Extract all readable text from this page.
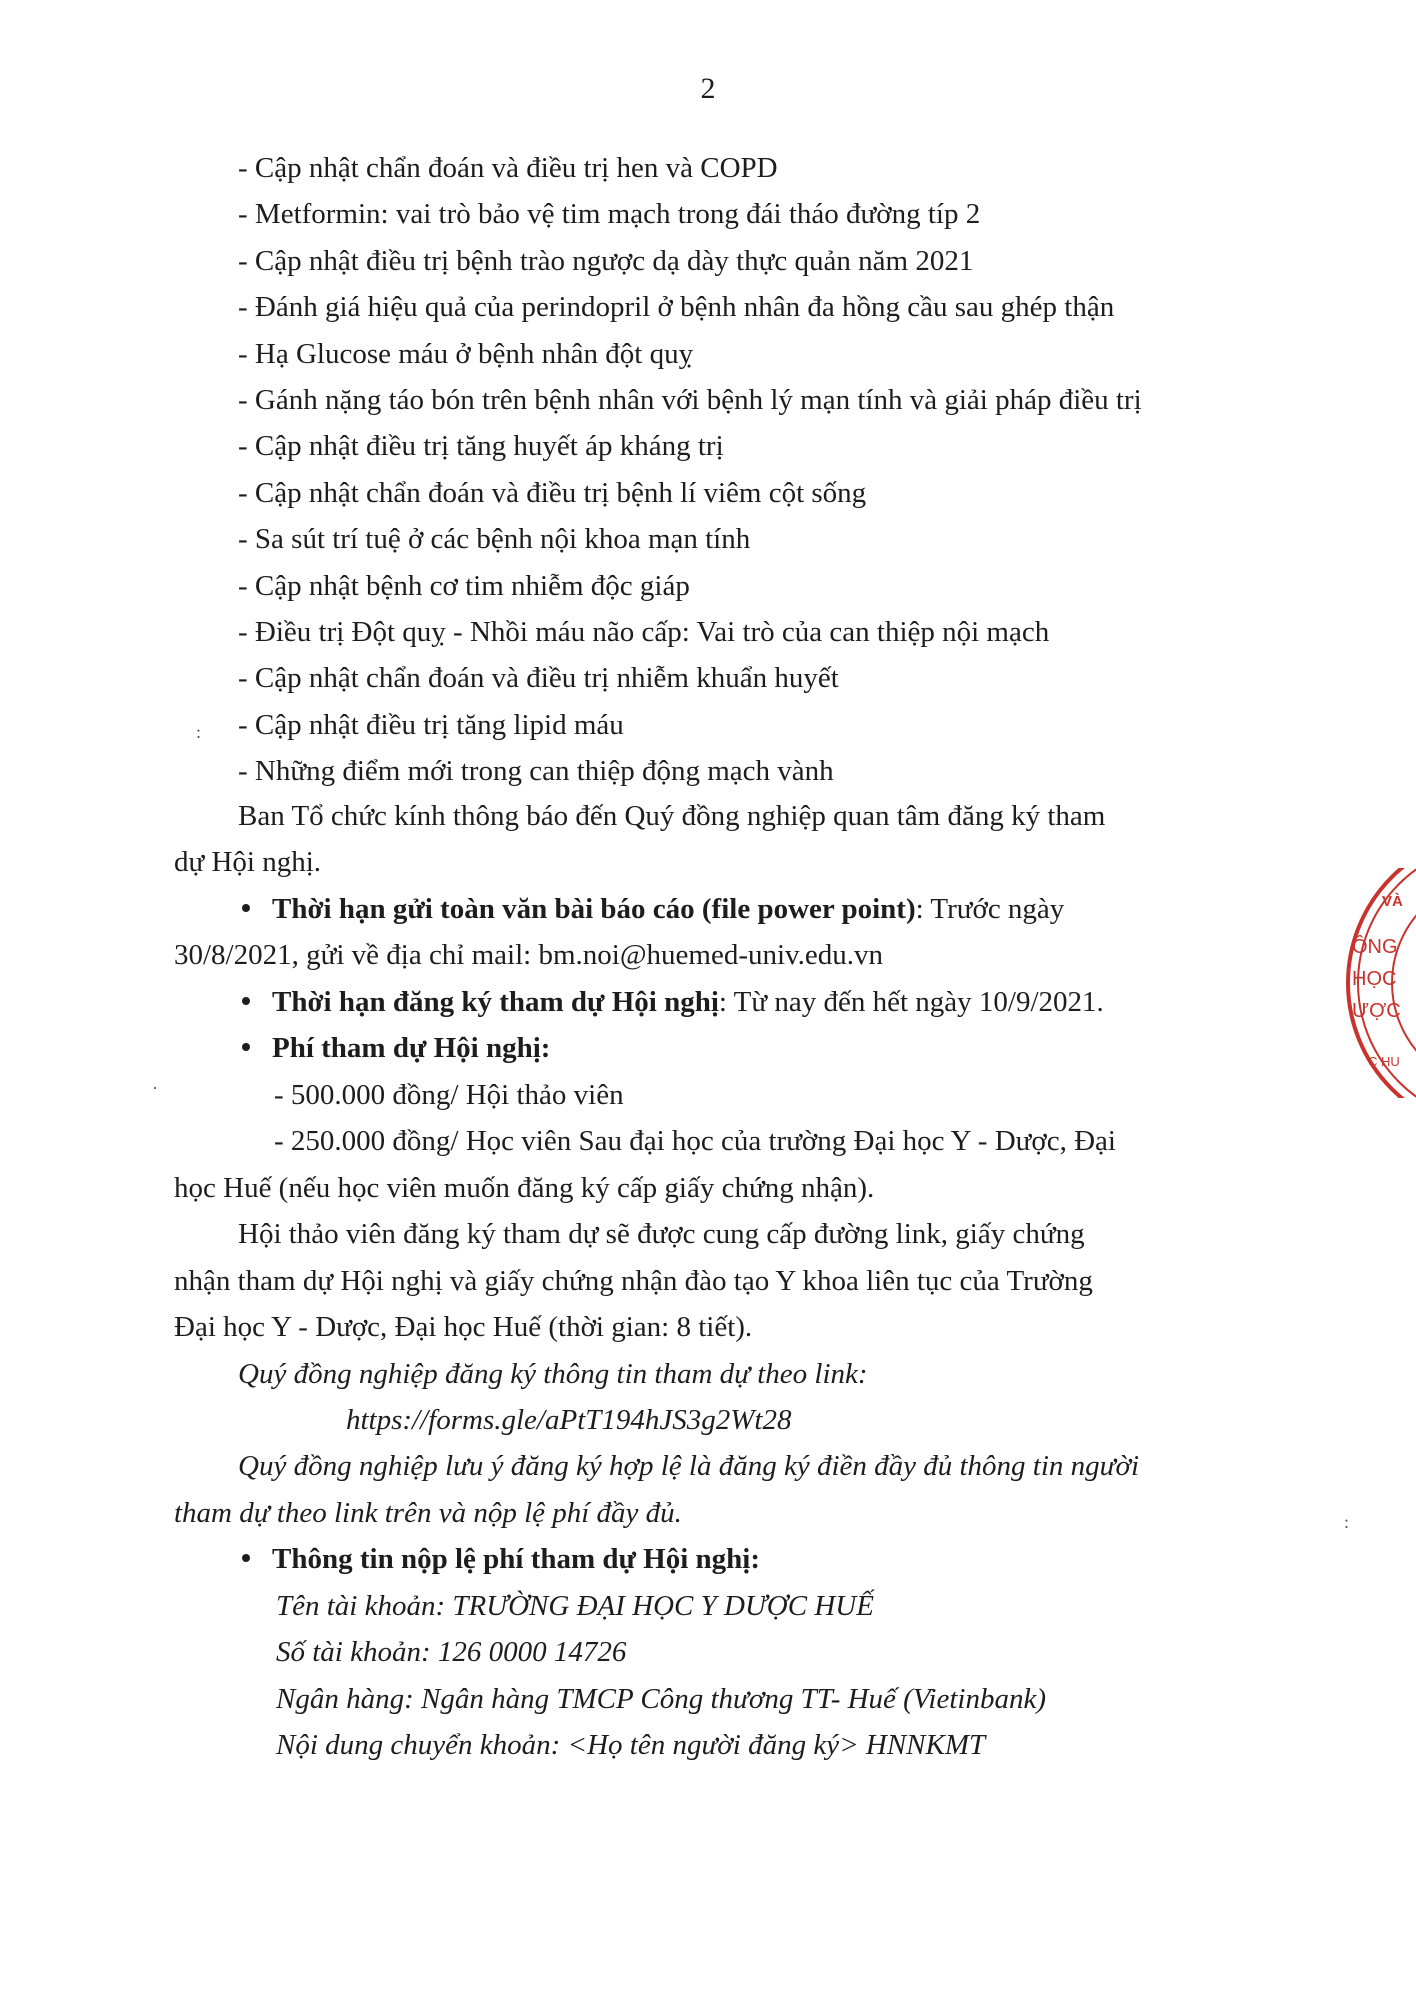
2
- Cập nhật chẩn đoán và điều trị hen và COPD
- Metformin: vai trò bảo vệ tim mạch trong đái tháo đường típ 2
- Cập nhật điều trị bệnh trào ngược dạ dày thực quản năm 2021
- Đánh giá hiệu quả của perindopril ở bệnh nhân đa hồng cầu sau ghép thận
- Hạ Glucose máu ở bệnh nhân đột quỵ
- Gánh nặng táo bón trên bệnh nhân với bệnh lý mạn tính và giải pháp điều trị
- Cập nhật điều trị tăng huyết áp kháng trị
- Cập nhật chẩn đoán và điều trị bệnh lí viêm cột sống
- Sa sút trí tuệ ở các bệnh nội khoa mạn tính
- Cập nhật bệnh cơ tim nhiễm độc giáp
- Điều trị Đột quỵ - Nhồi máu não cấp: Vai trò của can thiệp nội mạch
- Cập nhật chẩn đoán và điều trị nhiễm khuẩn huyết
- Cập nhật điều trị tăng lipid máu
- Những điểm mới trong can thiệp động mạch vành
:
·
:
Ban Tổ chức kính thông báo đến Quý đồng nghiệp quan tâm đăng ký tham
dự Hội nghị.
Thời hạn gửi toàn văn bài báo cáo (file power point): Trước ngày
30/8/2021, gửi về địa chỉ mail: bm.noi@huemed-univ.edu.vn
Thời hạn đăng ký tham dự Hội nghị: Từ nay đến hết ngày 10/9/2021.
Phí tham dự Hội nghị:
- 500.000 đồng/ Hội thảo viên
- 250.000 đồng/ Học viên Sau đại học của trường Đại học Y - Dược, Đại
học Huế (nếu học viên muốn đăng ký cấp giấy chứng nhận).
Hội thảo viên đăng ký tham dự sẽ được cung cấp đường link, giấy chứng
nhận tham dự Hội nghị và giấy chứng nhận đào tạo Y khoa liên tục của Trường
Đại học Y - Dược, Đại học Huế (thời gian: 8 tiết).
Quý đồng nghiệp đăng ký thông tin tham dự theo link:
https://forms.gle/aPtT194hJS3g2Wt28
Quý đồng nghiệp lưu ý đăng ký hợp lệ là đăng ký điền đầy đủ thông tin người
tham dự theo link trên và nộp lệ phí đầy đủ.
Thông tin nộp lệ phí tham dự Hội nghị:
Tên tài khoản: TRƯỜNG ĐẠI HỌC Y DƯỢC HUẾ
Số tài khoản: 126 0000 14726
Ngân hàng: Ngân hàng TMCP Công thương TT- Huế (Vietinbank)
Nội dung chuyển khoản: <Họ tên người đăng ký> HNNKMT
VÀ
ÔNG
HỌC
ƯỢC
C HU
